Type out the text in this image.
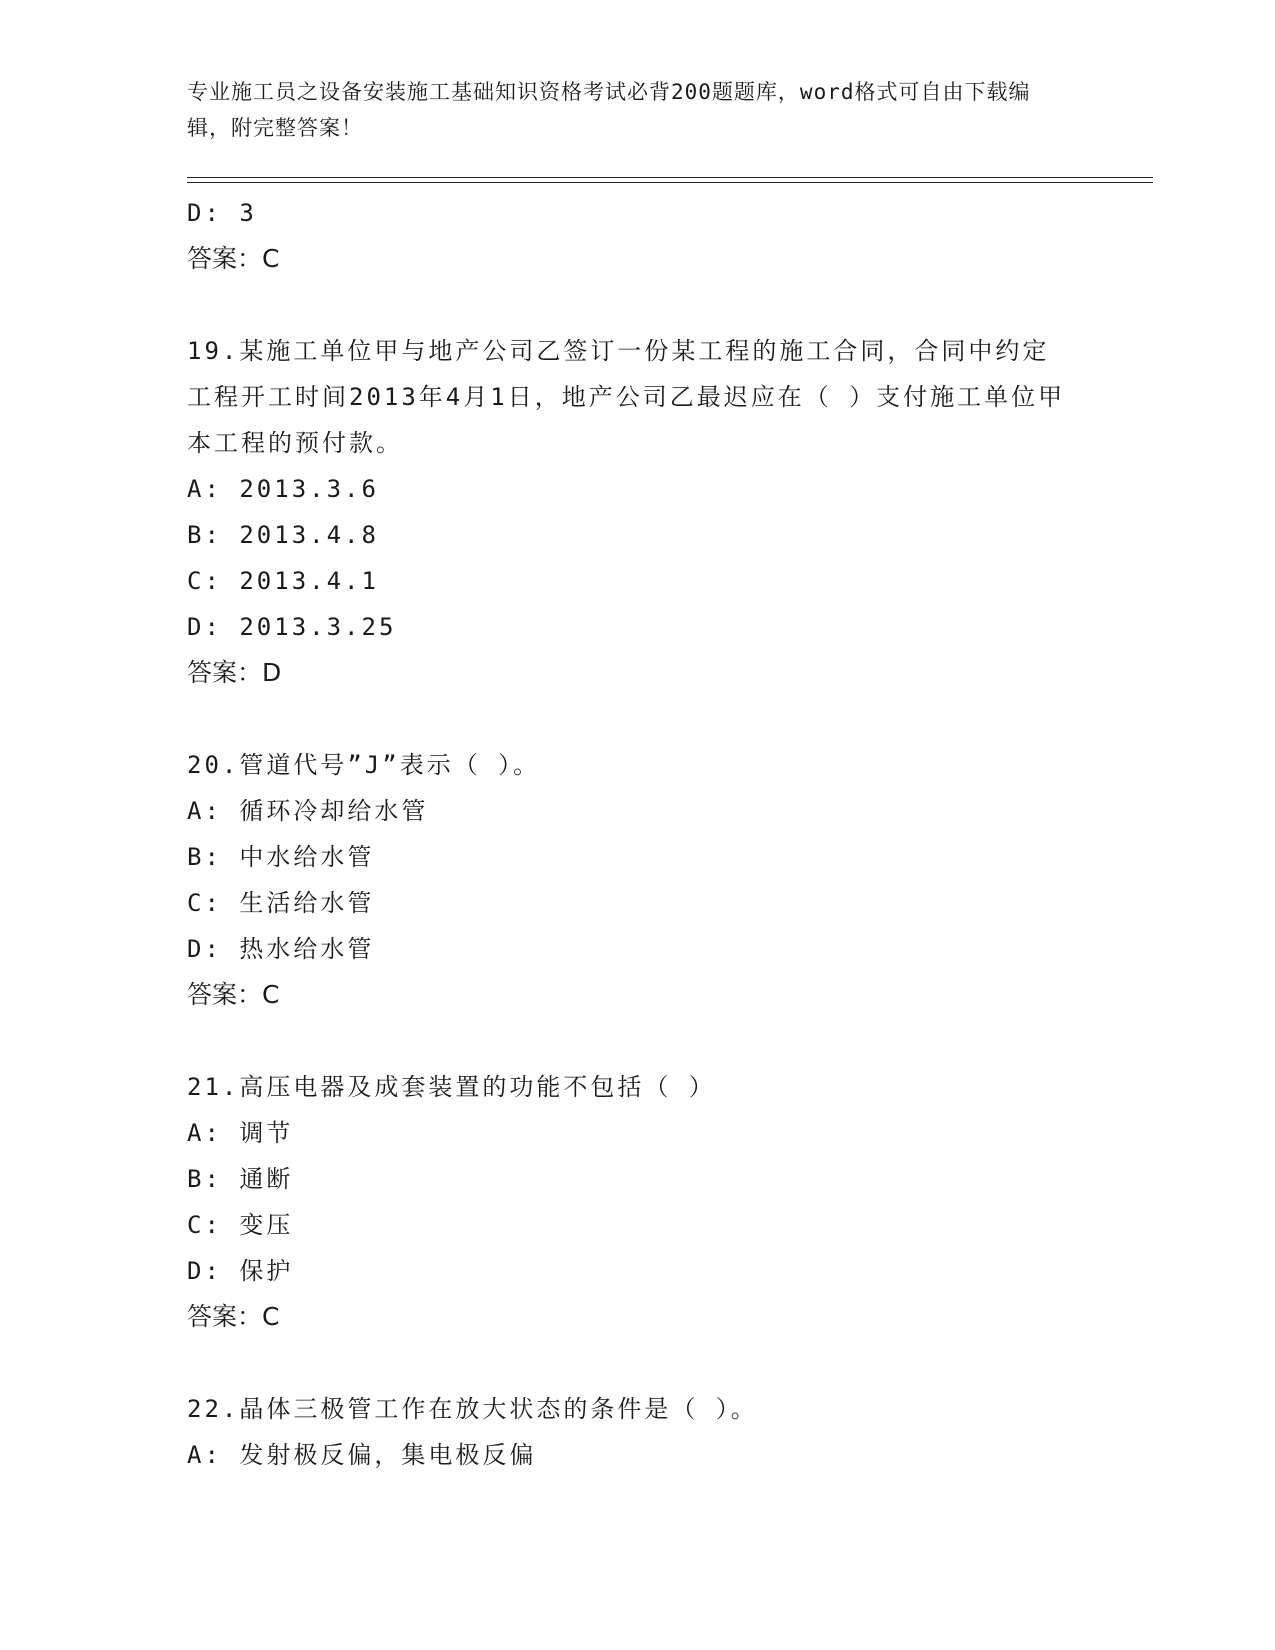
专业施工员之设备安装施工基础知识资格考试必背200题题库，word格式可自由下载编辑，附完整答案！

D: 3

答案：C

19.某施工单位甲与地产公司乙签订一份某工程的施工合同，合同中约定工程开工时间2013年4月1日，地产公司乙最迟应在（ ）支付施工单位甲本工程的预付款。

A: 2013.3.6

B: 2013.4.8

C: 2013.4.1

D: 2013.3.25

答案：D

20.管道代号”J”表示（ ）。

A: 循环冷却给水管

B: 中水给水管

C: 生活给水管

D: 热水给水管

答案：C

21.高压电器及成套装置的功能不包括（ ）

A: 调节

B: 通断

C: 变压

D: 保护

答案：C

22.晶体三极管工作在放大状态的条件是（ ）。

A: 发射极反偏，集电极反偏
